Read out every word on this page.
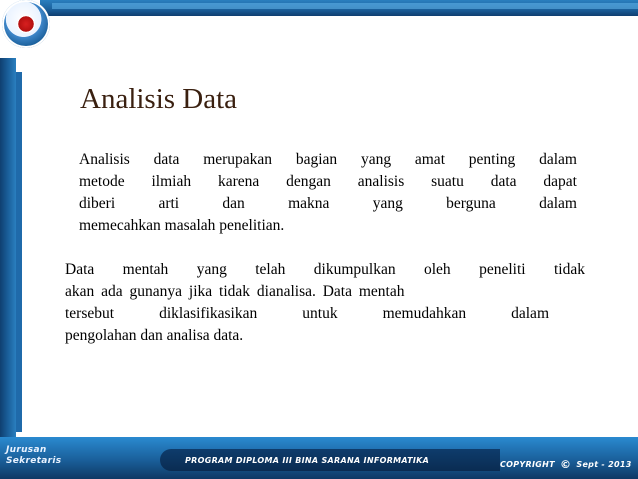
Analisis Data
Analisis data merupakan bagian yang amat penting dalam
metode ilmiah karena dengan analisis suatu data dapat
diberi	arti	dan	makna	yang	berguna	dalam
memecahkan masalah penelitian.
Data mentah yang telah dikumpulkan oleh peneliti tidak
akan ada gunanya jika tidak dianalisa. Data mentah
tersebut	diklasifikasikan	untuk	memudahkan	dalam
pengolahan dan analisa data.
Jurusan
Sekretaris	PROGRAM DIPLOMA III BINA SARANA INFORMATIKA	COPYRIGHT © Sept - 2013
